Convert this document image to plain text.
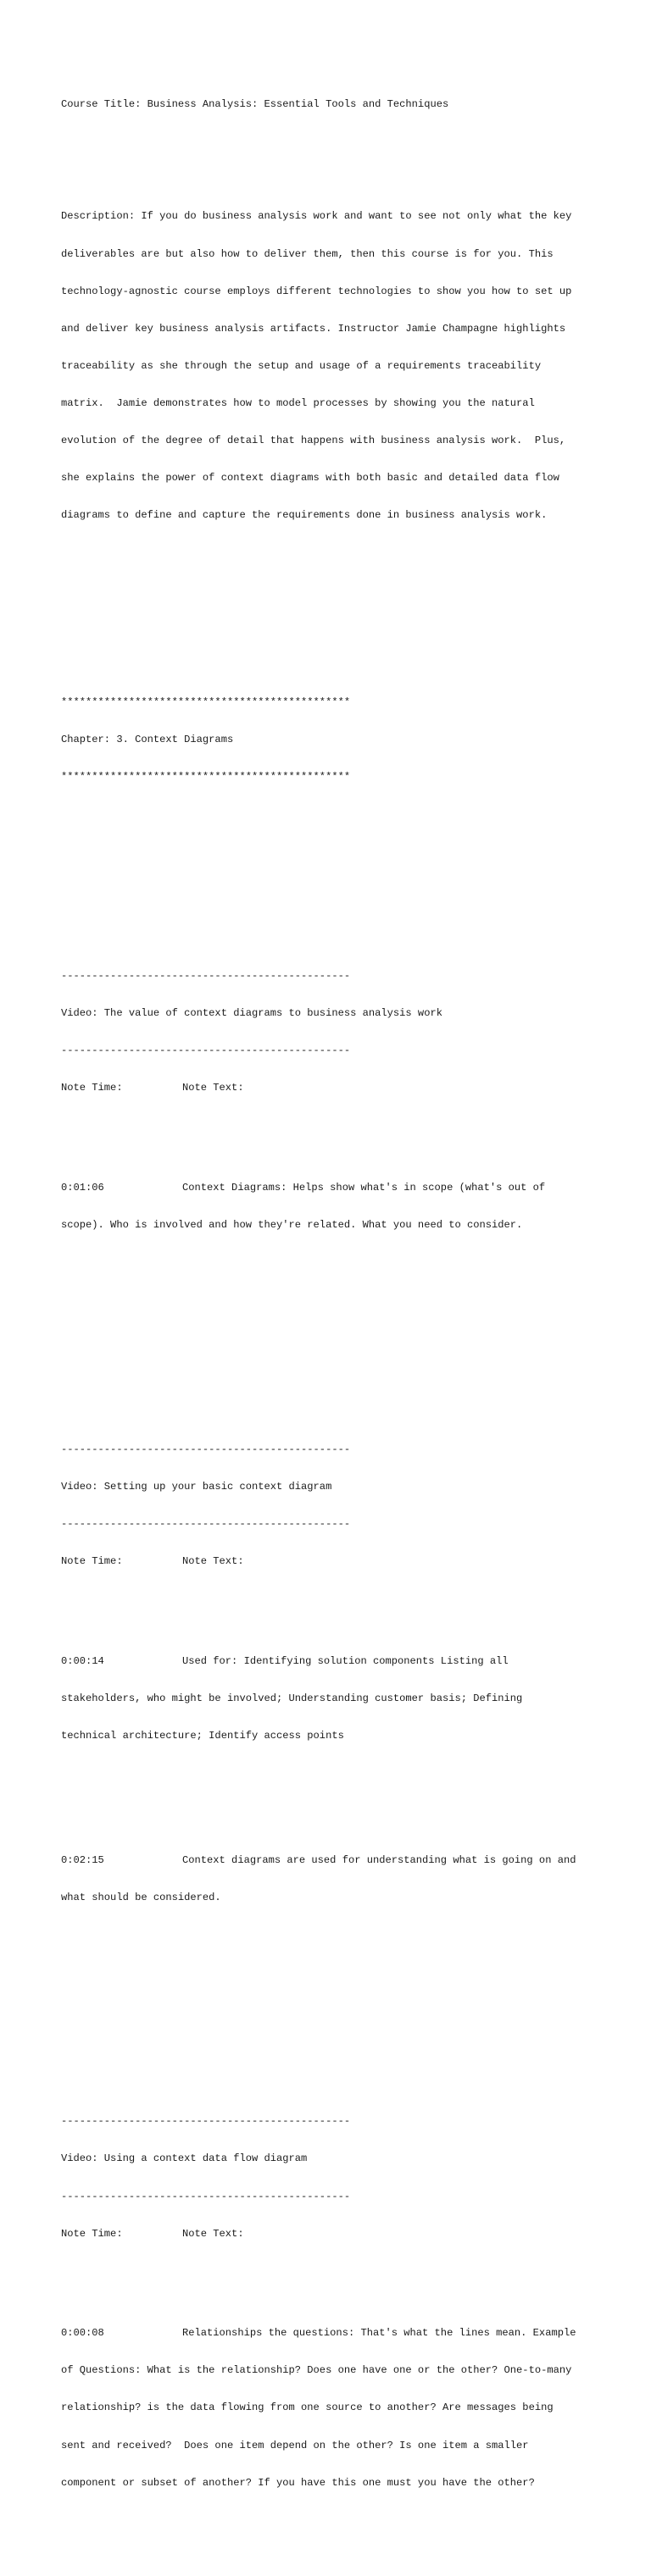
Course Title: Business Analysis: Essential Tools and Techniques

Description: If you do business analysis work and want to see not only what the key

deliverables are but also how to deliver them, then this course is for you. This

technology-agnostic course employs different technologies to show you how to set up

and deliver key business analysis artifacts. Instructor Jamie Champagne highlights

traceability as she through the setup and usage of a requirements traceability

matrix.  Jamie demonstrates how to model processes by showing you the natural

evolution of the degree of detail that happens with business analysis work.  Plus,

she explains the power of context diagrams with both basic and detailed data flow

diagrams to define and capture the requirements done in business analysis work.

***********************************************

Chapter: 3. Context Diagrams

***********************************************

-----------------------------------------------

Video: The value of context diagrams to business analysis work

-----------------------------------------------

Note Time:	Note Text:

0:01:06	Context Diagrams: Helps show what's in scope (what's out of

scope). Who is involved and how they're related. What you need to consider.

-----------------------------------------------

Video: Setting up your basic context diagram

-----------------------------------------------

Note Time:	Note Text:

0:00:14	Used for: Identifying solution components Listing all

stakeholders, who might be involved; Understanding customer basis; Defining

technical architecture; Identify access points

0:02:15	Context diagrams are used for understanding what is going on and

what should be considered.

-----------------------------------------------

Video: Using a context data flow diagram

-----------------------------------------------

Note Time:	Note Text:

0:00:08	Relationships the questions: That's what the lines mean. Example

of Questions: What is the relationship? Does one have one or the other? One-to-many

relationship? is the data flowing from one source to another? Are messages being

sent and received?  Does one item depend on the other? Is one item a smaller

component or subset of another? If you have this one must you have the other?
